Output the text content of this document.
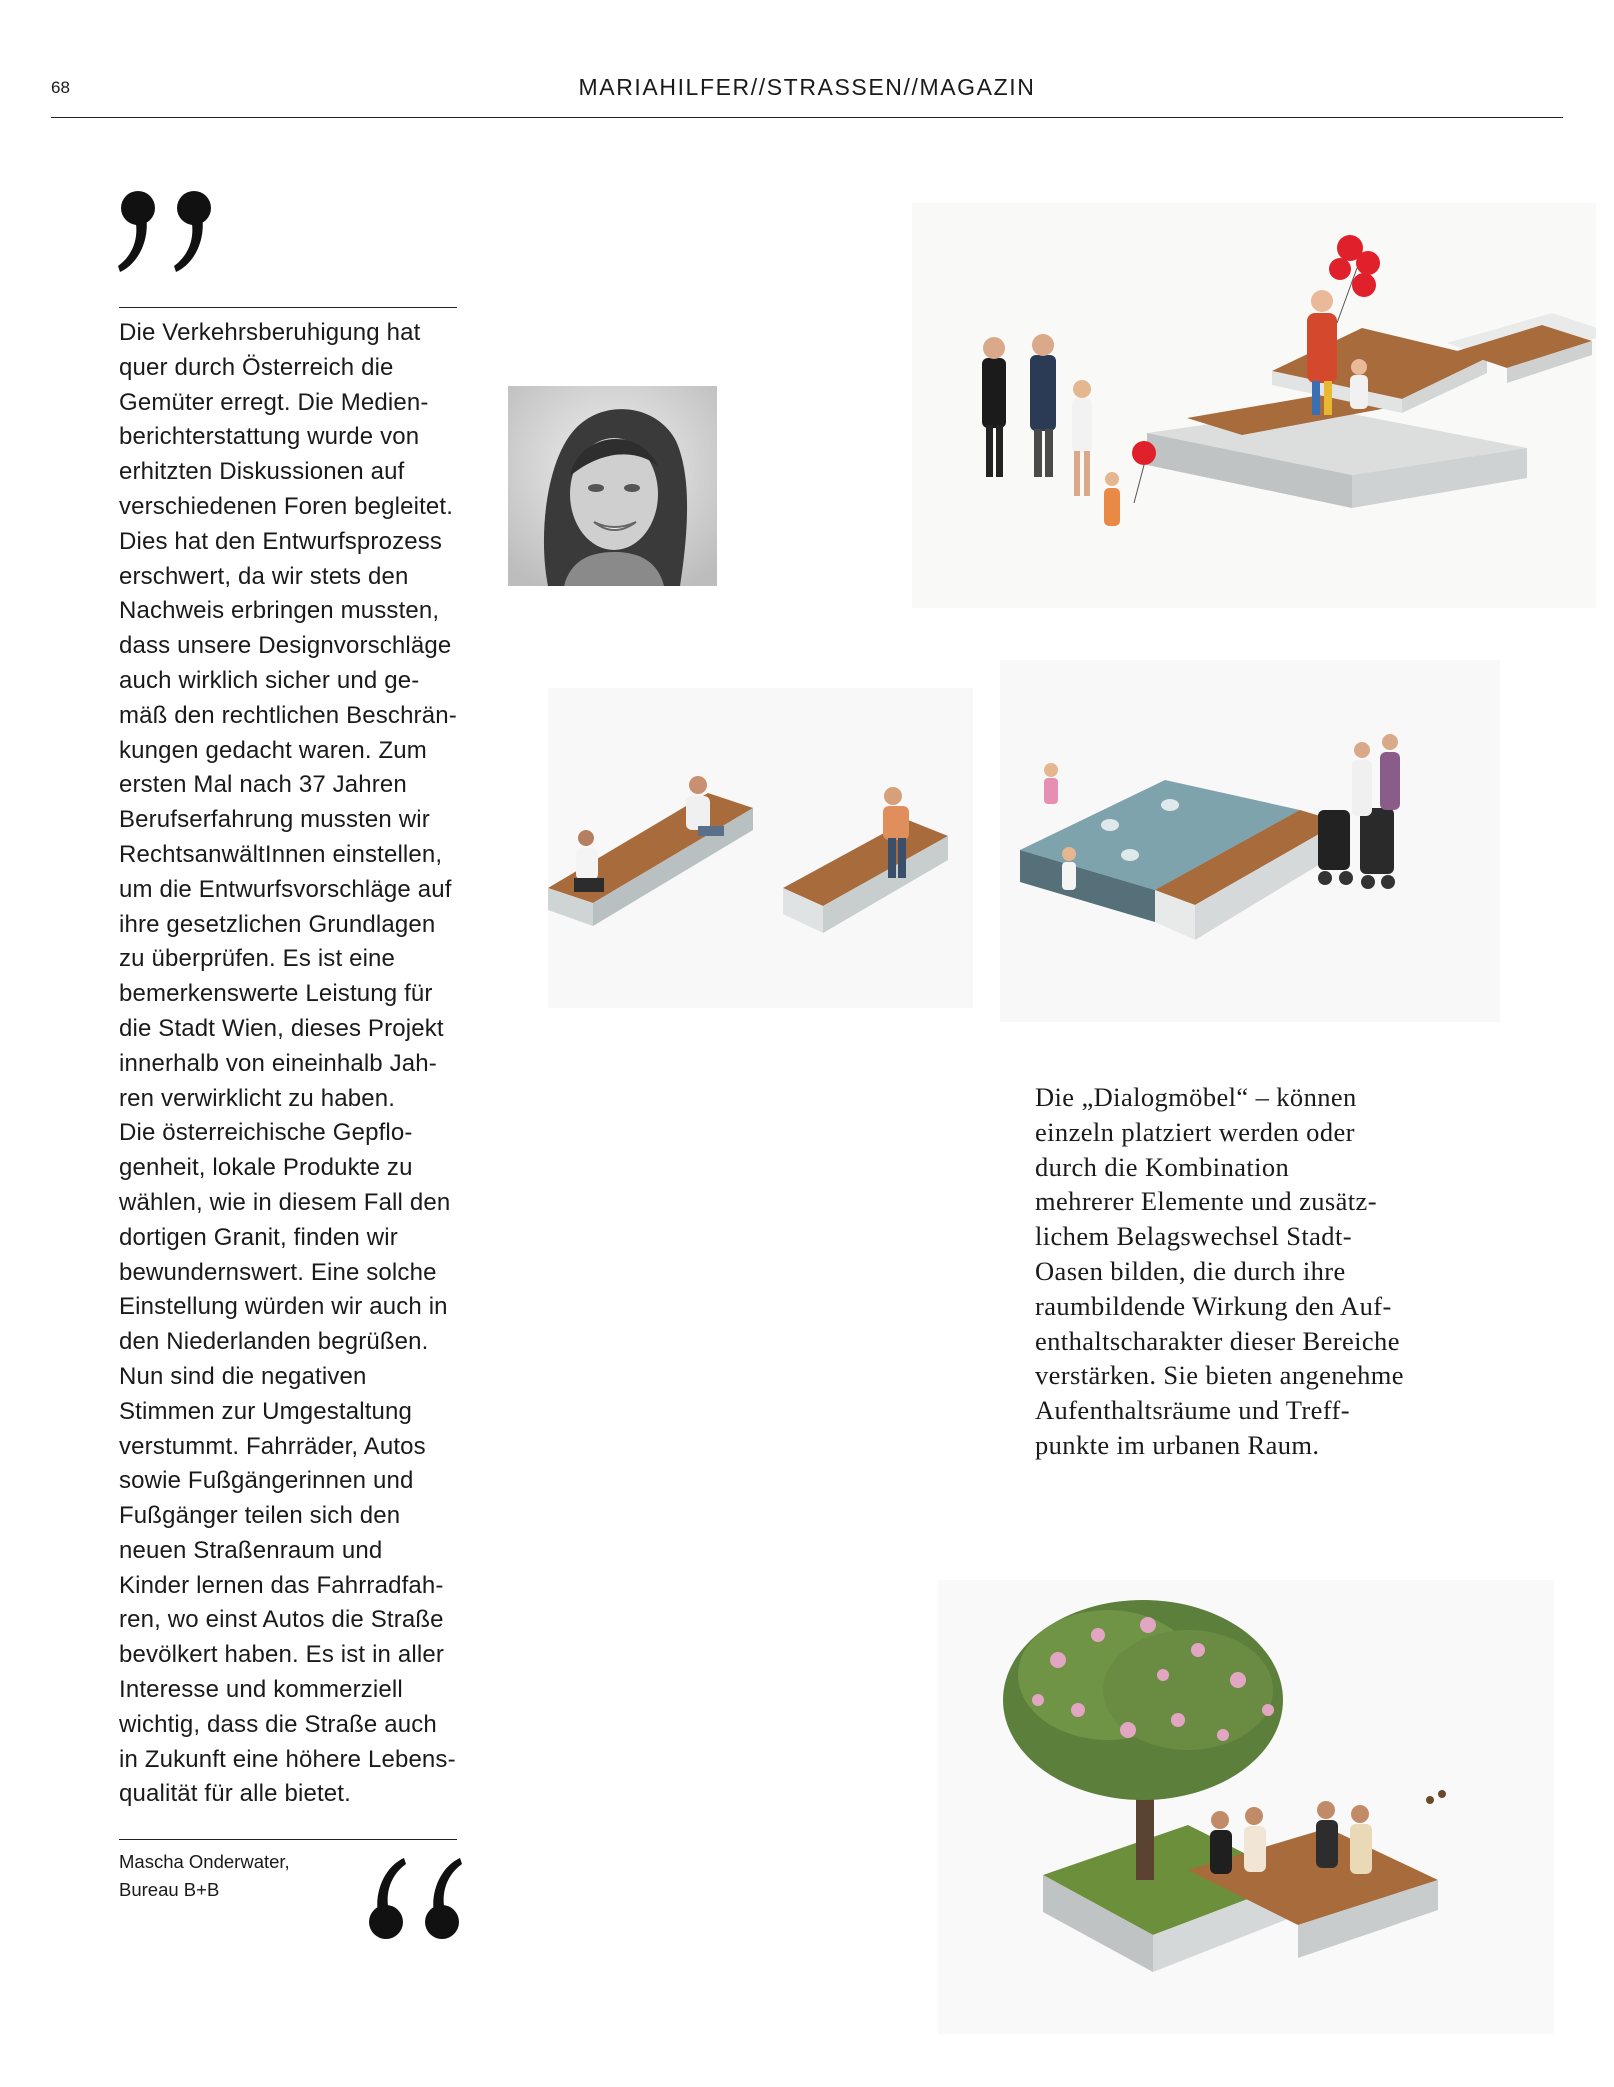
68	MARIAHILFER//STRASSEN//MAGAZIN
Die Verkehrsberuhigung hat
quer durch Österreich die
Gemüter erregt. Die Medien-
berichterstattung wurde von
erhitzten Diskussionen auf
verschiedenen Foren begleitet.
Dies hat den Entwurfsprozess
erschwert, da wir stets den
Nachweis erbringen mussten,
dass unsere Designvorschläge
auch wirklich sicher und ge-
mäß den rechtlichen Beschrän-
kungen gedacht waren. Zum
ersten Mal nach 37 Jahren
Berufserfahrung mussten wir
RechtsanwältInnen einstellen,
um die Entwurfsvorschläge auf
ihre gesetzlichen Grundlagen
zu überprüfen. Es ist eine
bemerkenswerte Leistung für
die Stadt Wien, dieses Projekt
innerhalb von eineinhalb Jah-
ren verwirklicht zu haben.
Die österreichische Gepflo-
genheit, lokale Produkte zu
wählen, wie in diesem Fall den
dortigen Granit, finden wir
bewundernswert. Eine solche
Einstellung würden wir auch in
den Niederlanden begrüßen.
Nun sind die negativen
Stimmen zur Umgestaltung
verstummt. Fahrräder, Autos
sowie Fußgängerinnen und
Fußgänger teilen sich den
neuen Straßenraum und
Kinder lernen das Fahrradfah-
ren, wo einst Autos die Straße
bevölkert haben. Es ist in aller
Interesse und kommerziell
wichtig, dass die Straße auch
in Zukunft eine höhere Lebens-
qualität für alle bietet.
Mascha Onderwater,
Bureau B+B
Die „Dialogmöbel“ – können
einzeln platziert werden oder
durch die Kombination
mehrerer Elemente und zusätz-
lichem Belagswechsel Stadt-
Oasen bilden, die durch ihre
raumbildende Wirkung den Auf-
enthaltscharakter dieser Bereiche
verstärken. Sie bieten angenehme
Aufenthaltsräume und Treff-
punkte im urbanen Raum.
